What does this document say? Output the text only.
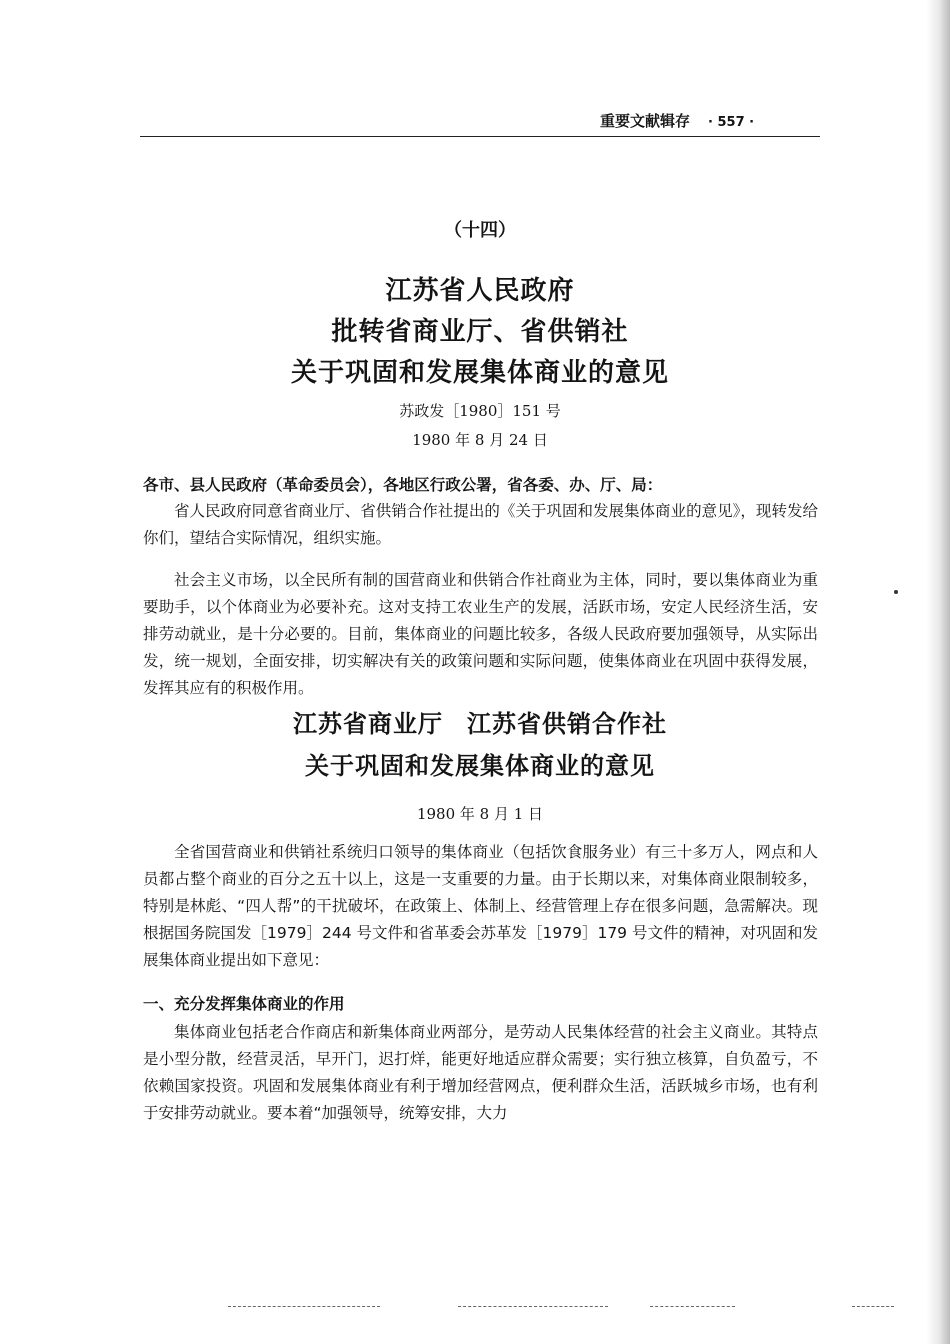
重要文献辑存 · 557 ·
（十四）
江苏省人民政府
批转省商业厅、省供销社
关于巩固和发展集体商业的意见
苏政发［1980］151 号
1980 年 8 月 24 日
各市、县人民政府（革命委员会），各地区行政公署，省各委、办、厅、局：
省人民政府同意省商业厅、省供销合作社提出的《关于巩固和发展集体商业的意见》，现转发给你们，望结合实际情况，组织实施。
社会主义市场，以全民所有制的国营商业和供销合作社商业为主体，同时，要以集体商业为重要助手，以个体商业为必要补充。这对支持工农业生产的发展，活跃市场，安定人民经济生活，安排劳动就业，是十分必要的。目前，集体商业的问题比较多，各级人民政府要加强领导，从实际出发，统一规划，全面安排，切实解决有关的政策问题和实际问题，使集体商业在巩固中获得发展，发挥其应有的积极作用。
江苏省商业厅 江苏省供销合作社
关于巩固和发展集体商业的意见
1980 年 8 月 1 日
全省国营商业和供销社系统归口领导的集体商业（包括饮食服务业）有三十多万人，网点和人员都占整个商业的百分之五十以上，这是一支重要的力量。由于长期以来，对集体商业限制较多，特别是林彪、“四人帮”的干扰破坏，在政策上、体制上、经营管理上存在很多问题，急需解决。现根据国务院国发［1979］244 号文件和省革委会苏革发［1979］179 号文件的精神，对巩固和发展集体商业提出如下意见：
一、充分发挥集体商业的作用
集体商业包括老合作商店和新集体商业两部分，是劳动人民集体经营的社会主义商业。其特点是小型分散，经营灵活，早开门，迟打烊，能更好地适应群众需要；实行独立核算，自负盈亏，不依赖国家投资。巩固和发展集体商业有利于增加经营网点，便利群众生活，活跃城乡市场，也有利于安排劳动就业。要本着“加强领导，统筹安排，大力
